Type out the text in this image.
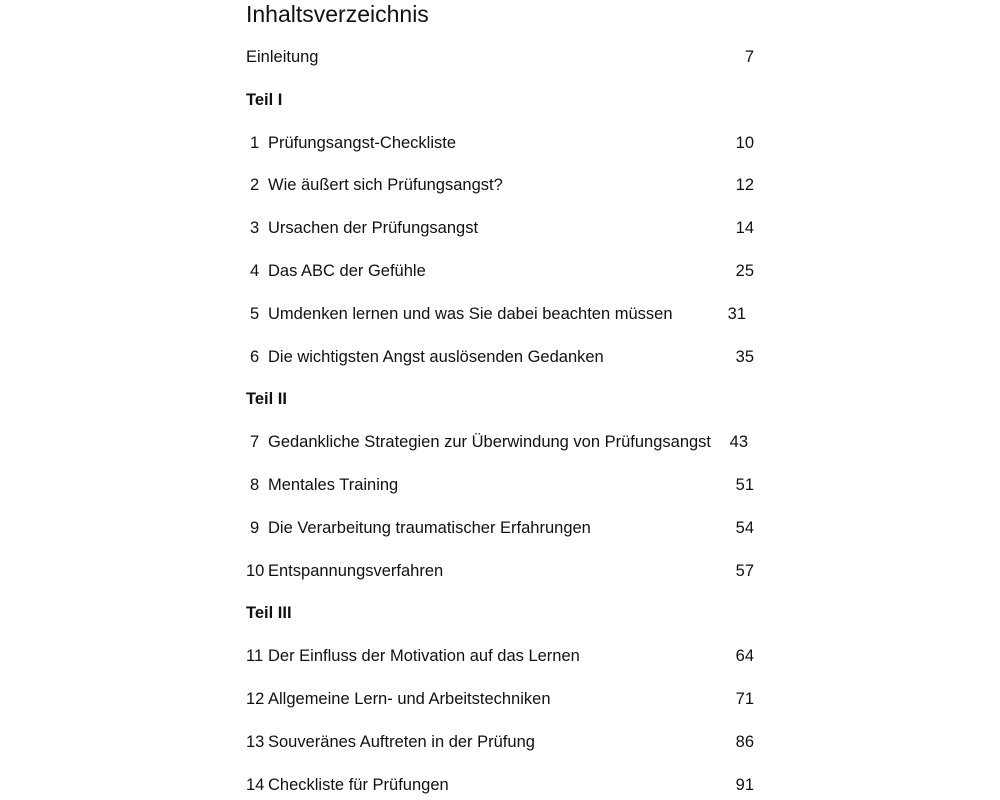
Inhaltsverzeichnis
Einleitung	7
Teil I
1 Prüfungsangst-Checkliste	10
2 Wie äußert sich Prüfungsangst?	12
3 Ursachen der Prüfungsangst	14
4 Das ABC der Gefühle	25
5 Umdenken lernen und was Sie dabei beachten müssen	31
6 Die wichtigsten Angst auslösenden Gedanken	35
Teil II
7 Gedankliche Strategien zur Überwindung von Prüfungsangst 43
8 Mentales Training	51
9 Die Verarbeitung traumatischer Erfahrungen	54
10 Entspannungsverfahren	57
Teil III
11 Der Einfluss der Motivation auf das Lernen	64
12 Allgemeine Lern- und Arbeitstechniken	71
13 Souveränes Auftreten in der Prüfung	86
14 Checkliste für Prüfungen	91
